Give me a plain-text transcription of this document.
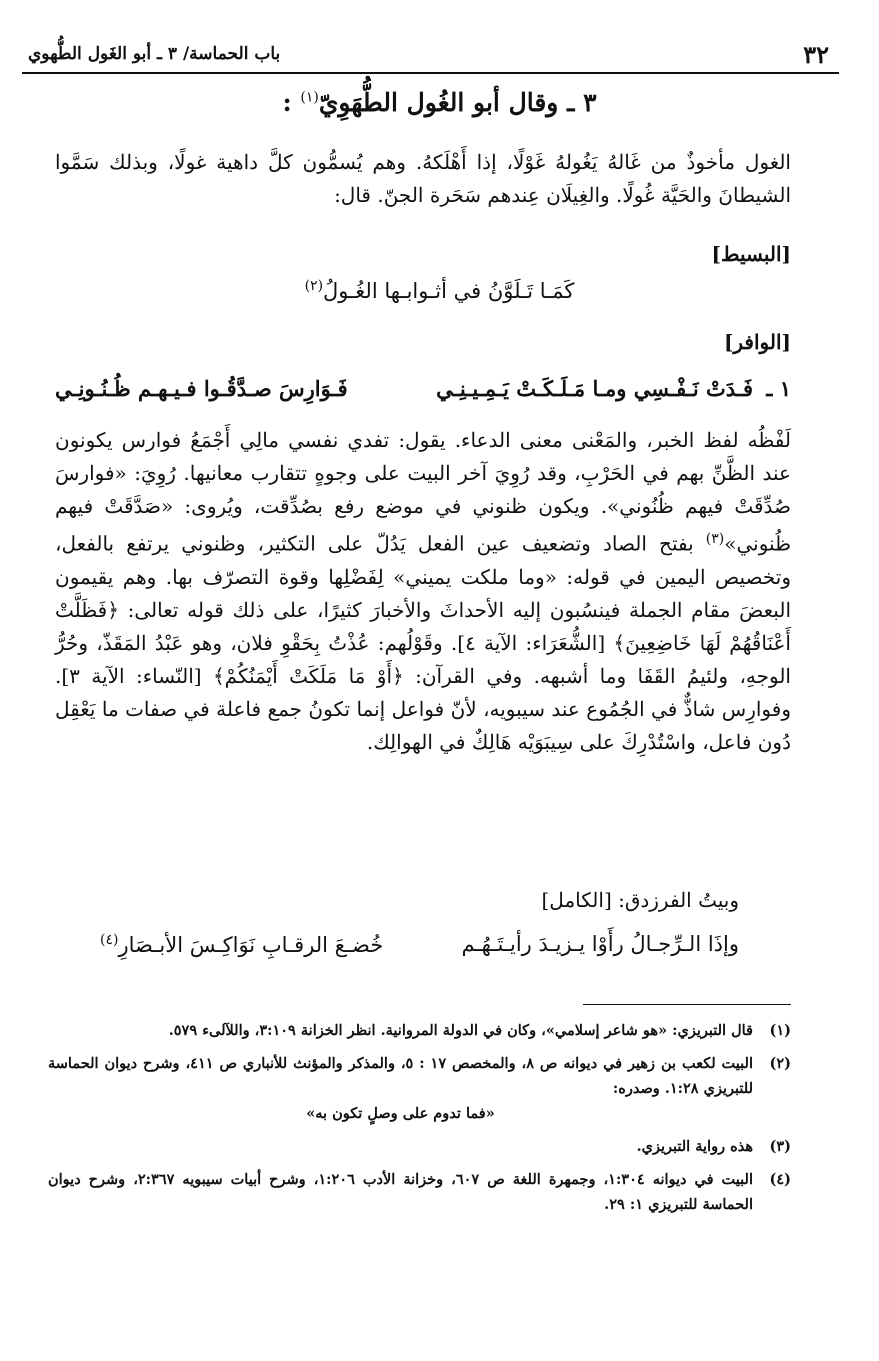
٣٢
باب الحماسة/ ٣ ـ أبو الغَول الطُّهوي
٣ ـ وقال أبو الغُول الطُّهَوِيّ$^{(١)}$ :
الغول مأخوذٌ من غَالهُ يَغُولهُ غَوْلًا، إذا أَهْلَكهُ. وهم يُسمُّون كلَّ داهية غولًا، وبذلك سَمَّوا الشيطانَ والحَيَّة غُولًا. والغِيلَان عِندهم سَحَرة الجنّ. قال:
[البسيط]
كَمَـا تَـلَوَّنُ في أثـوابـها الغُـولُ$^{(٢)}$
[الوافر]
١ ـ
فَـدَتْ نَـفْـسِي ومـا مَـلَـكَـتْ يَـمِـيـنِـي
فَـوَارِسَ صـدَّقُـوا فـيـهـم ظُـنُـونِـي
لَفْظُه لفظ الخبر، والمَعْنى معنى الدعاء. يقول: تفدي نفسي مالِي أَجْمَعُ فوارس يكونون عند الظَّنِّ بهم في الحَرْبِ، وقد رُوِيَ آخر البيت على وجوهٍ تتقارب معانيها. رُوِيَ: «فوارسَ صُدِّقَتْ فيهم ظُنُوني». ويكون ظنوني في موضع رفع بصُدِّقت، ويُروى: «صَدَّقَتْ فيهم ظُنوني»$^{(٣)}$ بفتح الصاد وتضعيف عين الفعل يَدُلّ على التكثير، وظنوني يرتفع بالفعل، وتخصيص اليمين في قوله: «وما ملكت يميني» لِفَضْلِها وقوة التصرّف بها. وهم يقيمون البعضَ مقام الجملة فينسُبون إليه الأحداثَ والأخبارَ كثيرًا، على ذلك قوله تعالى: ﴿فَظَلَّتْ أَعْنَاقُهُمْ لَهَا خَاضِعِينَ﴾ [الشُّعَرَاء: الآية ٤]. وقَوْلُهم: عُذْتُ بِحَقْوِ فلان، وهو عَبْدُ المَقَذّ، وحُرُّ الوجهِ، ولئيمُ القَفَا وما أشبهه. وفي القرآن: ﴿أَوْ مَا مَلَكَتْ أَيْمَنُكُمْ﴾ [النّساء: الآية ٣]. وفوارِس شاذٌّ في الجُمُوع عند سيبويه، لأنّ فواعل إنما تكونُ جمع فاعلة في صفات ما يَعْقِل دُون فاعل، واسْتُدْرِكَ على سِيبَوَيْه هَالِكٌ في الهوالِك.
وبيتُ الفرزدق: [الكامل]
وإذَا الـرِّجـالُ رأَوْا يـزيـدَ رأيـتَـهُـم
خُضـعَ الرقـابِ نَوَاكِـسَ الأبـصَارِ$^{(٤)}$
(١)
قال التبريزي: «هو شاعر إسلامي»، وكان في الدولة المروانية. انظر الخزانة ٣:١٠٩، واللآلىء ٥٧٩.
(٢)
البيت لكعب بن زهير في ديوانه ص ٨، والمخصص ١٧ : ٥، والمذكر والمؤنث للأنباري ص ٤١١، وشرح ديوان الحماسة للتبريزي ١:٢٨. وصدره:
«فما تدوم على وصلٍ تكون به»
(٣)
هذه رواية التبريزي.
(٤)
البيت في ديوانه ١:٣٠٤، وجمهرة اللغة ص ٦٠٧، وخزانة الأدب ١:٢٠٦، وشرح أبيات سيبويه ٢:٣٦٧، وشرح ديوان الحماسة للتبريزي ١: ٢٩.
